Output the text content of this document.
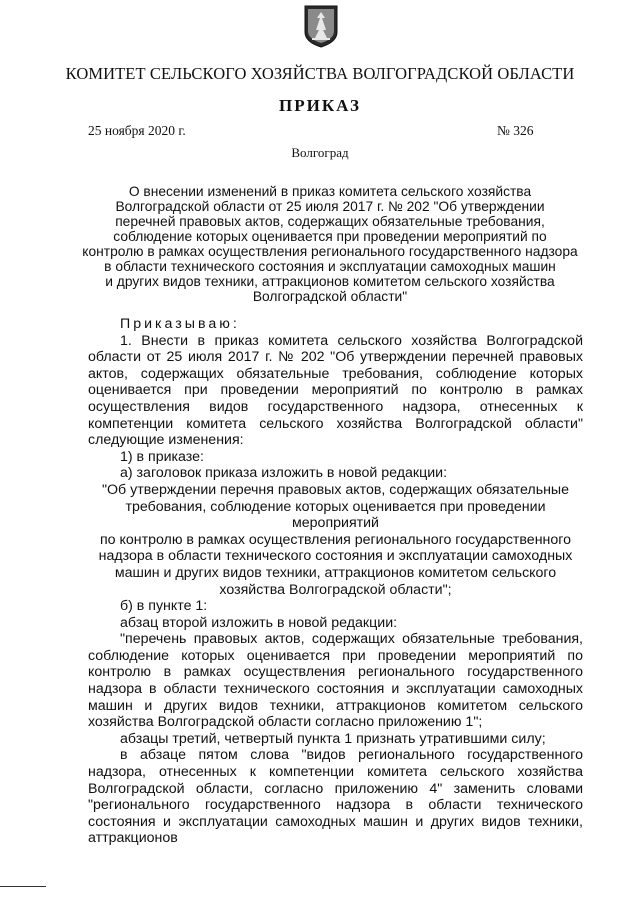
КОМИТЕТ СЕЛЬСКОГО ХОЗЯЙСТВА ВОЛГОГРАДСКОЙ ОБЛАСТИ
ПРИКАЗ
25 ноября 2020 г.	№ 326
Волгоград
О внесении изменений в приказ комитета сельского хозяйства
Волгоградской области от 25 июля 2017 г. № 202 "Об утверждении
перечней правовых актов, содержащих обязательные требования,
соблюдение которых оценивается при проведении мероприятий по
контролю в рамках осуществления регионального государственного надзора
в области технического состояния и эксплуатации самоходных машин
и других видов техники, аттракционов комитетом сельского хозяйства
Волгоградской области"

Приказываю:

1. Внести в приказ комитета сельского хозяйства Волгоградской области от 25 июля 2017 г. № 202 "Об утверждении перечней правовых актов, содержащих обязательные требования, соблюдение которых оценивается при проведении мероприятий по контролю в рамках осуществления видов государственного надзора, отнесенных к компетенции комитета сельского хозяйства Волгоградской области" следующие изменения:

1) в приказе:

а) заголовок приказа изложить в новой редакции:

"Об утверждении перечня правовых актов, содержащих обязательные
требования, соблюдение которых оценивается при проведении мероприятий
по контролю в рамках осуществления регионального государственного
надзора в области технического состояния и эксплуатации самоходных
машин и других видов техники, аттракционов комитетом сельского
хозяйства Волгоградской области";

б) в пункте 1:

абзац второй изложить в новой редакции:

"перечень правовых актов, содержащих обязательные требования, соблюдение которых оценивается при проведении мероприятий по контролю в рамках осуществления регионального государственного надзора в области технического состояния и эксплуатации самоходных машин и других видов техники, аттракционов комитетом сельского хозяйства Волгоградской области согласно приложению 1";

абзацы третий, четвертый пункта 1 признать утратившими силу;

в абзаце пятом слова "видов регионального государственного надзора, отнесенных к компетенции комитета сельского хозяйства Волгоградской области, согласно приложению 4" заменить словами "регионального государственного надзора в области технического состояния и эксплуатации самоходных машин и других видов техники, аттракционов
